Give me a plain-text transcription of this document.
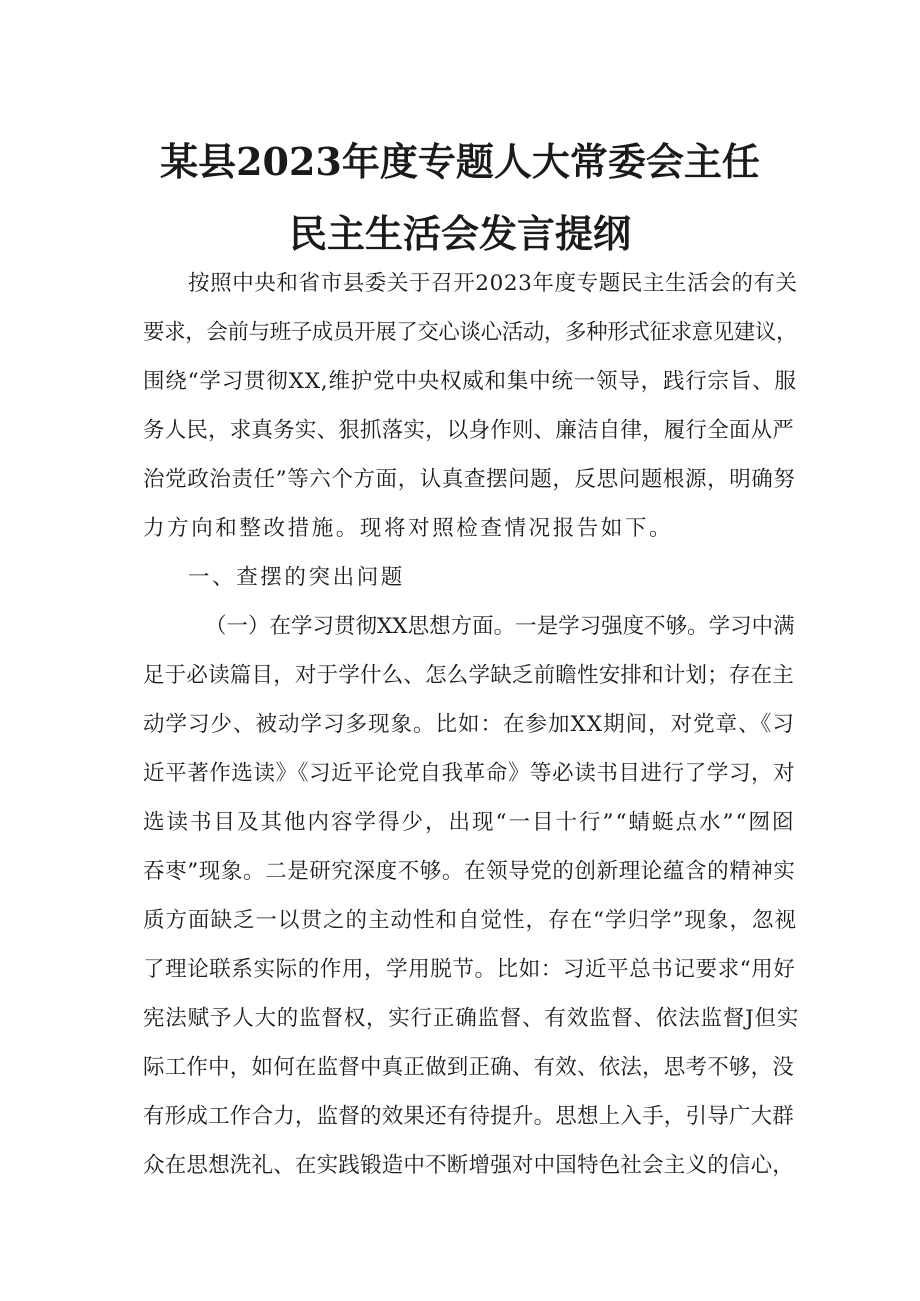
某县2023年度专题人大常委会主任
民主生活会发言提纲
按照中央和省市县委关于召开2023年度专题民主生活会的有关
要求，会前与班子成员开展了交心谈心活动，多种形式征求意见建议，
围绕“学习贯彻XX,维护党中央权威和集中统一领导，践行宗旨、服
务人民，求真务实、狠抓落实，以身作则、廉洁自律，履行全面从严
治党政治责任”等六个方面，认真查摆问题，反思问题根源，明确努
力方向和整改措施。现将对照检查情况报告如下。
一、查摆的突出问题
（一）在学习贯彻XX思想方面。一是学习强度不够。学习中满
足于必读篇目，对于学什么、怎么学缺乏前瞻性安排和计划；存在主
动学习少、被动学习多现象。比如：在参加XX期间，对党章、《习
近平著作选读》《习近平论党自我革命》等必读书目进行了学习，对
选读书目及其他内容学得少，出现“一目十行”“蜻蜓点水”“囫囵
吞枣”现象。二是研究深度不够。在领导党的创新理论蕴含的精神实
质方面缺乏一以贯之的主动性和自觉性，存在“学归学”现象，忽视
了理论联系实际的作用，学用脱节。比如：习近平总书记要求“用好
宪法赋予人大的监督权，实行正确监督、有效监督、依法监督J但实
际工作中，如何在监督中真正做到正确、有效、依法，思考不够，没
有形成工作合力，监督的效果还有待提升。思想上入手，引导广大群
众在思想洗礼、在实践锻造中不断增强对中国特色社会主义的信心，
